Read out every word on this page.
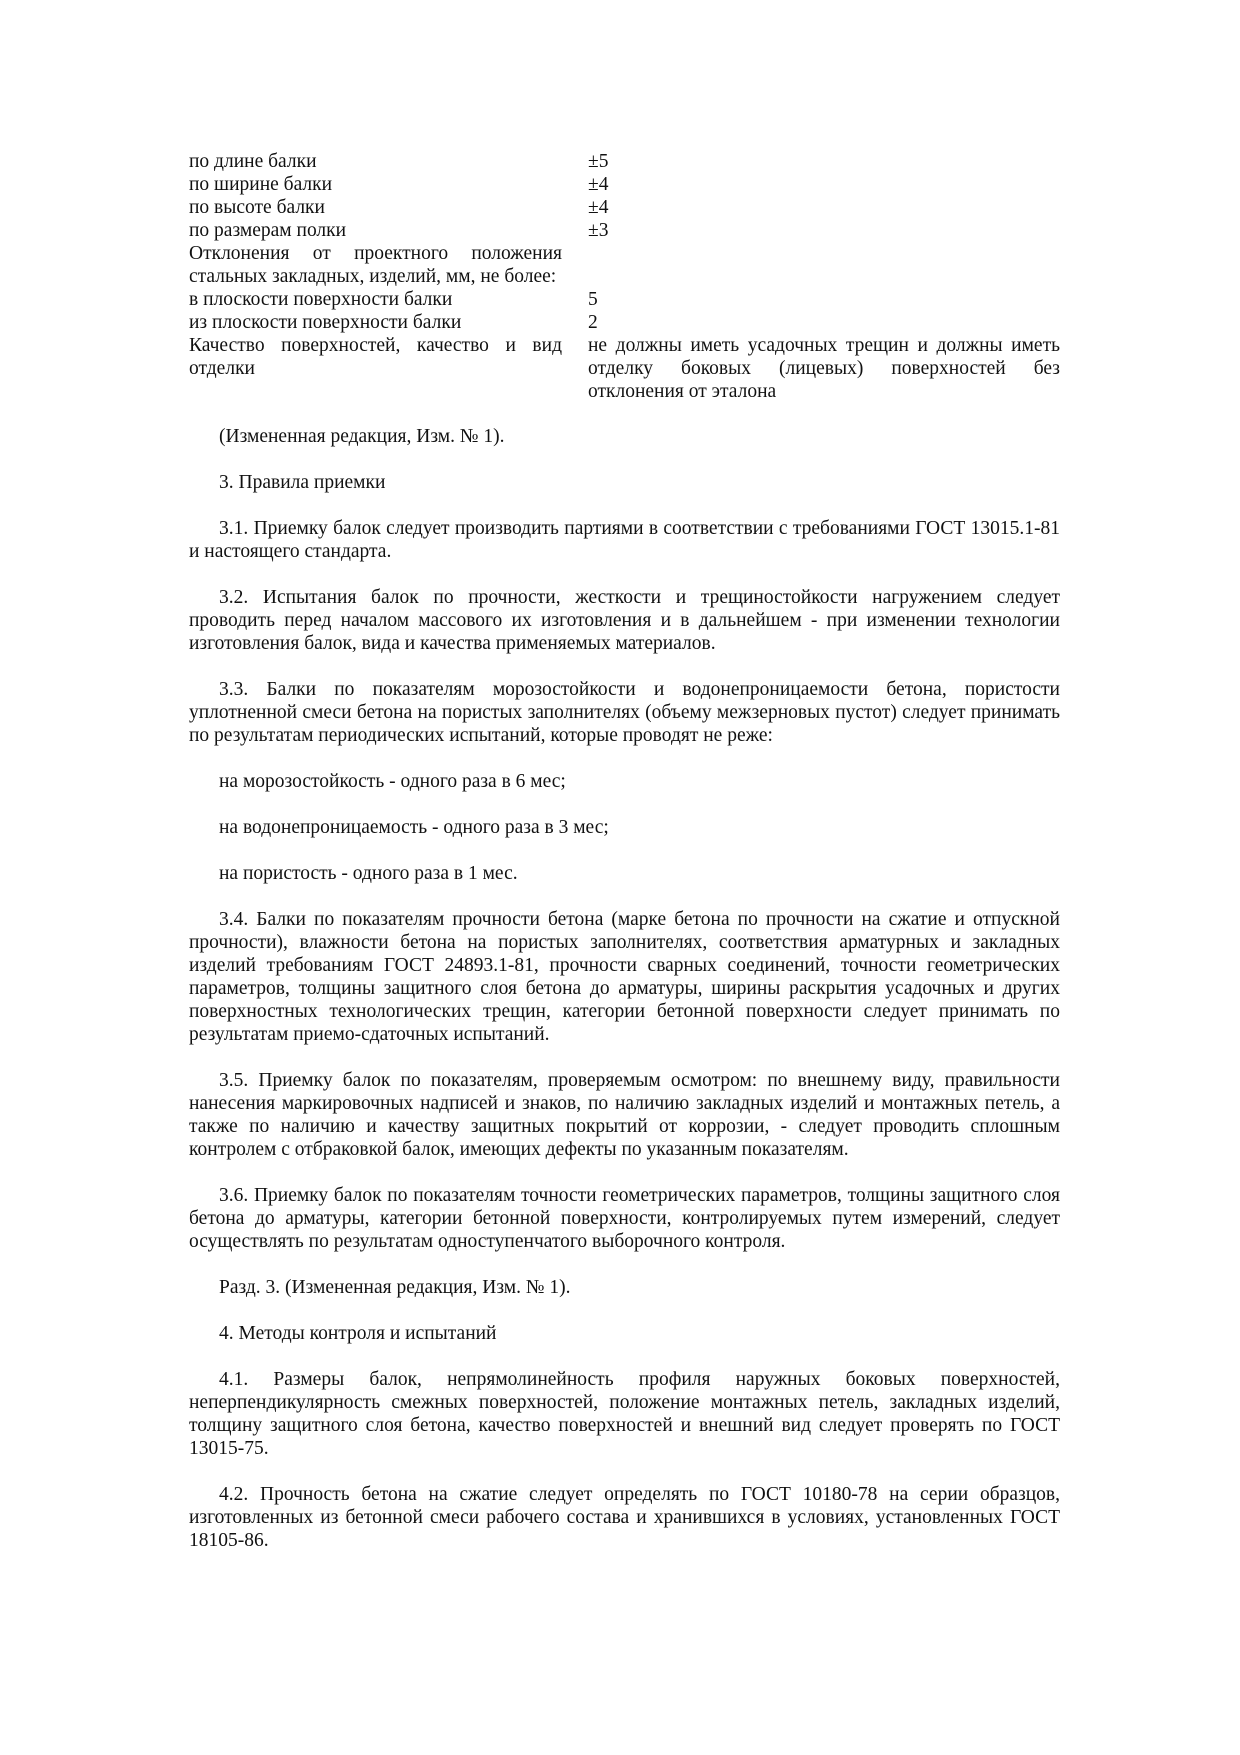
по длине балки	±5
по ширине балки	±4
по высоте балки	±4
по размерам полки	±3
Отклонения от проектного положения стальных закладных, изделий, мм, не более:	
в плоскости поверхности балки	5
из плоскости поверхности балки	2
Качество поверхностей, качество и вид отделки	не должны иметь усадочных трещин и должны иметь отделку боковых (лицевых) поверхностей без отклонения от эталона

(Измененная редакция, Изм. № 1).

3. Правила приемки

3.1. Приемку балок следует производить партиями в соответствии с требованиями ГОСТ 13015.1-81 и настоящего стандарта.

3.2. Испытания балок по прочности, жесткости и трещиностойкости нагружением следует проводить перед началом массового их изготовления и в дальнейшем - при изменении технологии изготовления балок, вида и качества применяемых материалов.

3.3. Балки по показателям морозостойкости и водонепроницаемости бетона, пористости уплотненной смеси бетона на пористых заполнителях (объему межзерновых пустот) следует принимать по результатам периодических испытаний, которые проводят не реже:

на морозостойкость - одного раза в 6 мес;

на водонепроницаемость - одного раза в 3 мес;

на пористость - одного раза в 1 мес.

3.4. Балки по показателям прочности бетона (марке бетона по прочности на сжатие и отпускной прочности), влажности бетона на пористых заполнителях, соответствия арматурных и закладных изделий требованиям ГОСТ 24893.1-81, прочности сварных соединений, точности геометрических параметров, толщины защитного слоя бетона до арматуры, ширины раскрытия усадочных и других поверхностных технологических трещин, категории бетонной поверхности следует принимать по результатам приемо-сдаточных испытаний.

3.5. Приемку балок по показателям, проверяемым осмотром: по внешнему виду, правильности нанесения маркировочных надписей и знаков, по наличию закладных изделий и монтажных петель, а также по наличию и качеству защитных покрытий от коррозии, - следует проводить сплошным контролем с отбраковкой балок, имеющих дефекты по указанным показателям.

3.6. Приемку балок по показателям точности геометрических параметров, толщины защитного слоя бетона до арматуры, категории бетонной поверхности, контролируемых путем измерений, следует осуществлять по результатам одноступенчатого выборочного контроля.

Разд. 3. (Измененная редакция, Изм. № 1).

4. Методы контроля и испытаний

4.1. Размеры балок, непрямолинейность профиля наружных боковых поверхностей, неперпендикулярность смежных поверхностей, положение монтажных петель, закладных изделий, толщину защитного слоя бетона, качество поверхностей и внешний вид следует проверять по ГОСТ 13015-75.

4.2. Прочность бетона на сжатие следует определять по ГОСТ 10180-78 на серии образцов, изготовленных из бетонной смеси рабочего состава и хранившихся в условиях, установленных ГОСТ 18105-86.
